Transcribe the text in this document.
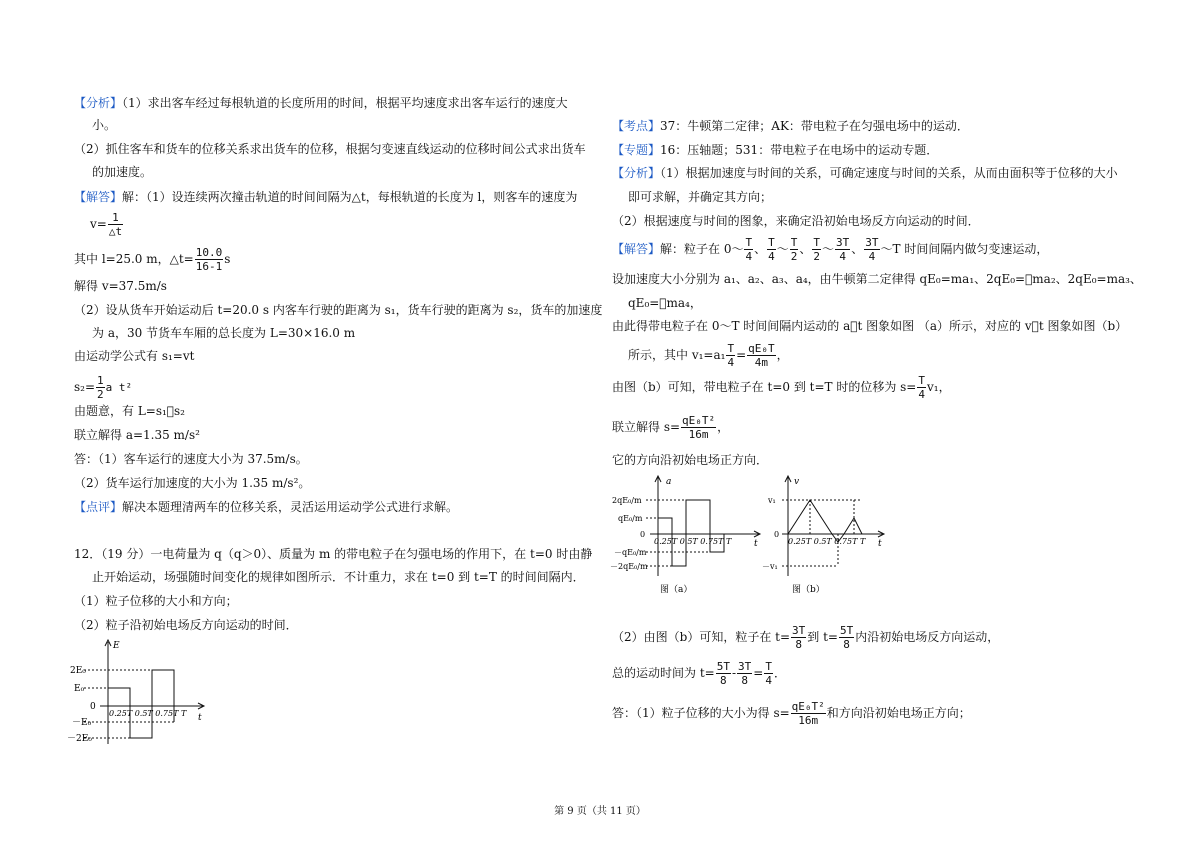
【分析】（1）求出客车经过每根轨道的长度所用的时间，根据平均速度求出客车运行的速度大
小。
（2）抓住客车和货车的位移关系求出货车的位移，根据匀变速直线运动的位移时间公式求出货车
的加速度。
【解答】解：（1）设连续两次撞击轨道的时间间隔为△t，每根轨道的长度为 l，则客车的速度为
$v= \frac{1}{\triangle t}$
其中 l=25.0 m，△t= $\frac{10.0}{16-1}$ s
解得 v=37.5m/s
（2）设从货车开始运动后 t=20.0 s 内客车行驶的距离为 s₁，货车行驶的距离为 s₂，货车的加速度
为 a，30 节货车车厢的总长度为 L=30×16.0 m
由运动学公式有 s₁=vt
$s_2= \frac{1}{2}$ a t²
由题意，有 L=s₁􀀀s₂
联立解得 a=1.35 m/s²
答：（1）客车运行的速度大小为 37.5m/s。
（2）货车运行加速度的大小为 1.35 m/s²。
【点评】解决本题理清两车的位移关系，灵活运用运动学公式进行求解。
12．（19 分）一电荷量为 q（q＞0）、质量为 m 的带电粒子在匀强电场的作用下，在 t=0 时由静
止开始运动，场强随时间变化的规律如图所示．不计重力，求在 t=0 到 t=T 的时间间隔内．
（1）粒子位移的大小和方向；
（2）粒子沿初始电场反方向运动的时间．
E
t
2E₀
E₀
0
－E₀
－2E₀
0.25T 0.5T 0.75T T
【考点】37：牛顿第二定律；AK：带电粒子在匀强电场中的运动．
【专题】16：压轴题；531：带电粒子在电场中的运动专题．
【分析】（1）根据加速度与时间的关系，可确定速度与时间的关系，从而由面积等于位移的大小
即可求解，并确定其方向；
（2）根据速度与时间的图象，来确定沿初始电场反方向运动的时间．
【解答】解：粒子在 0～ $\frac{T}{4}$ 、 $\frac{T}{4}$ ～ $\frac{T}{2}$ 、 $\frac{T}{2}$ ～ $\frac{3T}{4}$ 、 $\frac{3T}{4}$ ～T 时间间隔内做匀变速运动，
设加速度大小分别为 a₁、a₂、a₃、a₄，由牛顿第二定律得 qE₀=ma₁、2qE₀=􀀀ma₂、2qE₀=ma₃、
qE₀=􀀀ma₄，
由此得带电粒子在 0～T 时间间隔内运动的 a􀀀t 图象如图 （a）所示，对应的 v􀀀t 图象如图（b）
所示，其中 $v_1=a_1 \frac{T}{4} = \frac{\text{qE₀T}}{4m}$ ，
由图（b）可知，带电粒子在 t=0 到 t=T 时的位移为 $s= \frac{T}{4} v_1$，
联立解得 $s= \frac{\text{qE₀T²}}{16m}$ ，
它的方向沿初始电场正方向．
a
t
2qE₀/m
qE₀/m
0
－qE₀/m
－2qE₀/m
0.25T 0.5T 0.75T T
图（a）
v
t
v₁
0
－v₁
0.25T 0.5T 0.75T T
图（b）
（2）由图（b）可知，粒子在 $t= \frac{3T}{8}$ 到 $t= \frac{5T}{8}$ 内沿初始电场反方向运动，
总的运动时间为 $t= \frac{5T}{8} - \frac{3T}{8} = \frac{T}{4}$ ．
答：（1）粒子位移的大小为得 $s= \frac{\text{qE₀T²}}{16m}$ 和方向沿初始电场正方向；
第 9 页（共 11 页）
